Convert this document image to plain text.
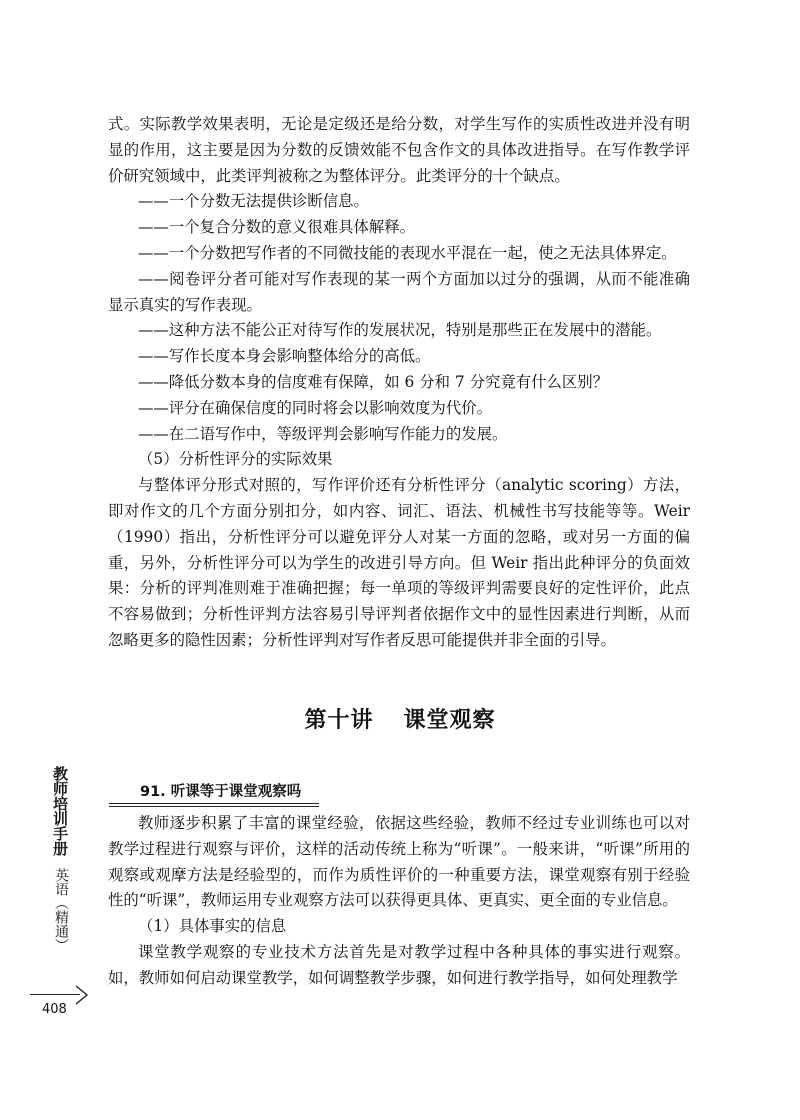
式。实际教学效果表明，无论是定级还是给分数，对学生写作的实质性改进并没有明显的作用，这主要是因为分数的反馈效能不包含作文的具体改进指导。在写作教学评价研究领域中，此类评判被称之为整体评分。此类评分的十个缺点。

——一个分数无法提供诊断信息。

——一个复合分数的意义很难具体解释。

——一个分数把写作者的不同微技能的表现水平混在一起，使之无法具体界定。

——阅卷评分者可能对写作表现的某一两个方面加以过分的强调，从而不能准确显示真实的写作表现。

——这种方法不能公正对待写作的发展状况，特别是那些正在发展中的潜能。

——写作长度本身会影响整体给分的高低。

——降低分数本身的信度难有保障，如 6 分和 7 分究竟有什么区别？

——评分在确保信度的同时将会以影响效度为代价。

——在二语写作中，等级评判会影响写作能力的发展。

（5）分析性评分的实际效果

与整体评分形式对照的，写作评价还有分析性评分（analytic scoring）方法，即对作文的几个方面分别扣分，如内容、词汇、语法、机械性书写技能等等。Weir（1990）指出，分析性评分可以避免评分人对某一方面的忽略，或对另一方面的偏重，另外，分析性评分可以为学生的改进引导方向。但 Weir 指出此种评分的负面效果：分析的评判准则难于准确把握；每一单项的等级评判需要良好的定性评价，此点不容易做到；分析性评判方法容易引导评判者依据作文中的显性因素进行判断，从而忽略更多的隐性因素；分析性评判对写作者反思可能提供并非全面的引导。

第十讲 课堂观察
91. 听课等于课堂观察吗

教师逐步积累了丰富的课堂经验，依据这些经验，教师不经过专业训练也可以对教学过程进行观察与评价，这样的活动传统上称为“听课”。一般来讲，“听课”所用的观察或观摩方法是经验型的，而作为质性评价的一种重要方法，课堂观察有别于经验性的“听课”，教师运用专业观察方法可以获得更具体、更真实、更全面的专业信息。

（1）具体事实的信息

课堂教学观察的专业技术方法首先是对教学过程中各种具体的事实进行观察。如，教师如何启动课堂教学，如何调整教学步骤，如何进行教学指导，如何处理教学

教师培训手册
英语（精通）
408
